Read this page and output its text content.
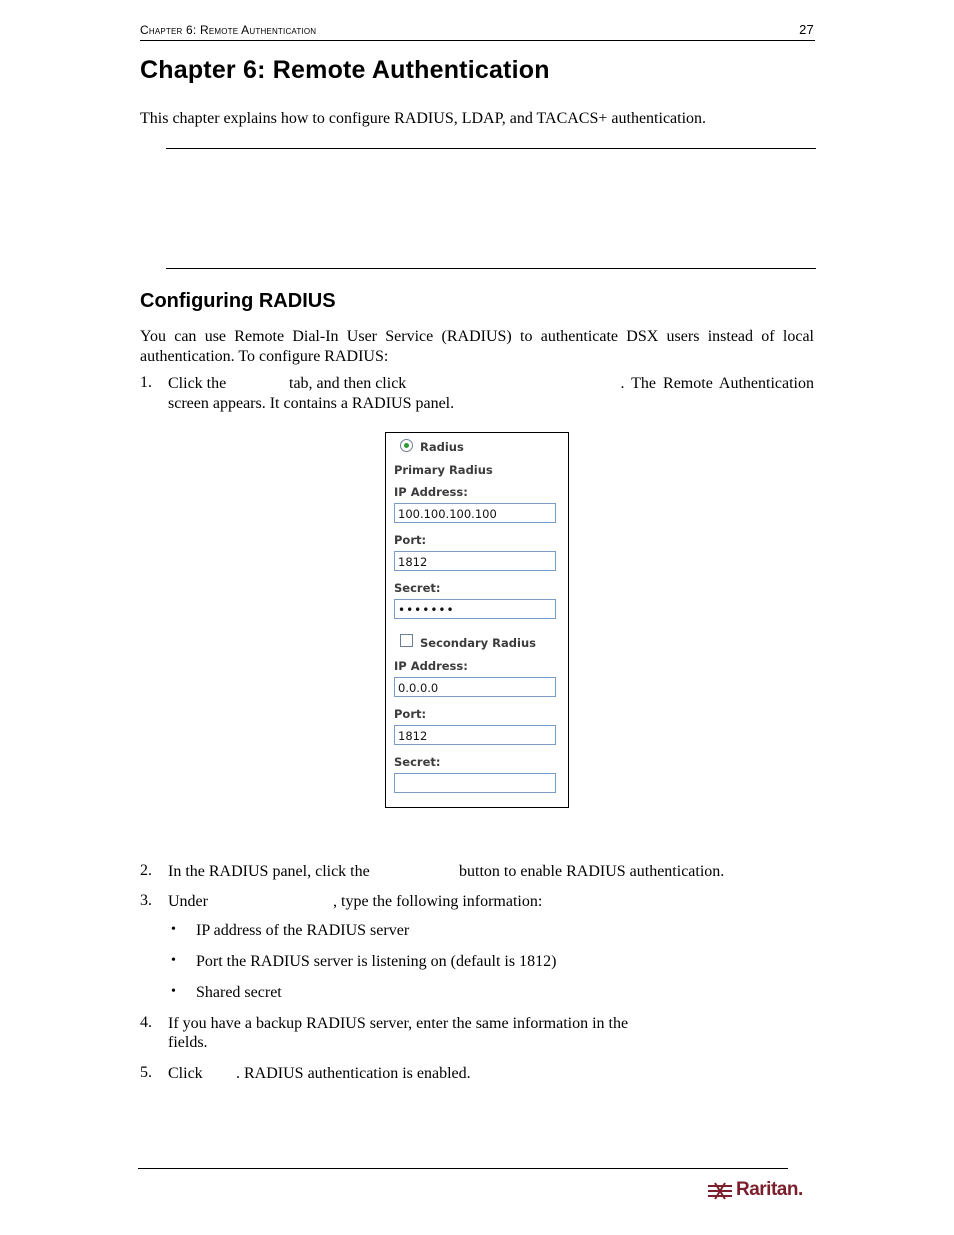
Chapter 6: Remote Authentication	27
Chapter 6: Remote Authentication
This chapter explains how to configure RADIUS, LDAP, and TACACS+ authentication.
Configuring RADIUS
You can use Remote Dial-In User Service (RADIUS) to authenticate DSX users instead of local authentication. To configure RADIUS:
1. Click the	tab, and then click	. The Remote Authentication
screen appears. It contains a RADIUS panel.
Radius
Primary Radius
IP Address:
100.100.100.100
Port:
1812
Secret:
•••••••
Secondary Radius
IP Address:
0.0.0.0
Port:
1812
Secret:
2. In the RADIUS panel, click the	button to enable RADIUS authentication.
3. Under	, type the following information:
• IP address of the RADIUS server
• Port the RADIUS server is listening on (default is 1812)
• Shared secret
4. If you have a backup RADIUS server, enter the same information in the
fields.
5. Click . RADIUS authentication is enabled.
Raritan.
